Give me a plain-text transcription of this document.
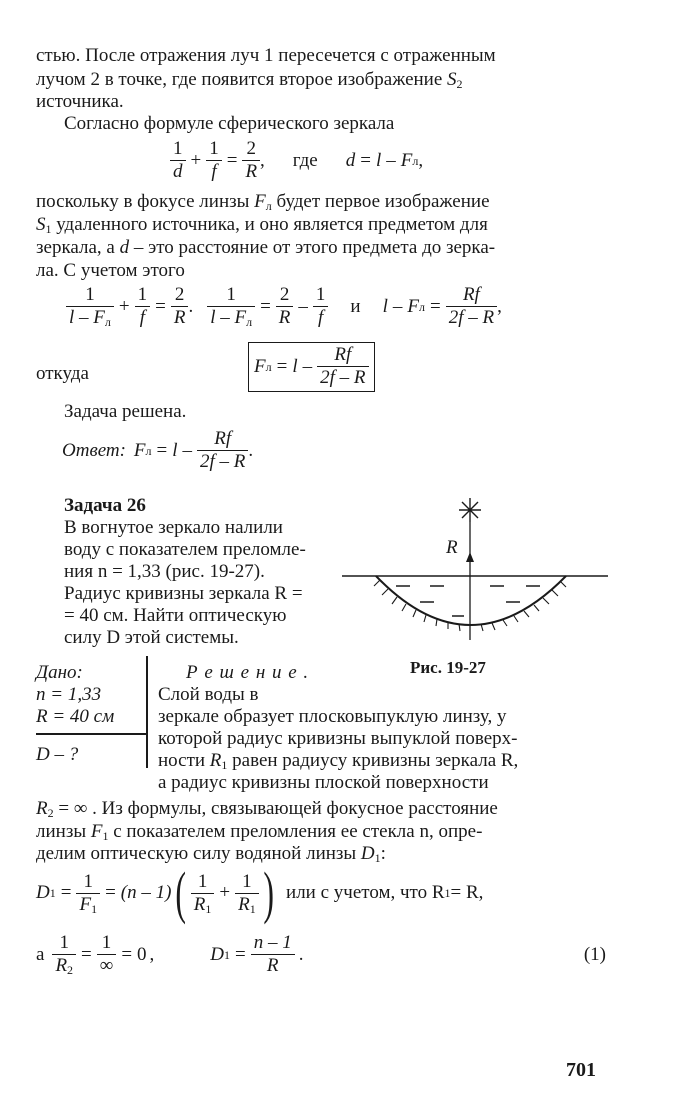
стью. После отражения луч 1 пересечется с отраженным
лучом 2 в точке, где появится второе изображение $S_2$
источника.
Согласно формуле сферического зеркала
$\frac{1}{d} + \frac{1}{f} = \frac{2}{R}$ ,	где	d = l – F л ,
поскольку в фокусе линзы $F_л$ будет первое изображение
$S_1$ удаленного источника, и оно является предметом для
зеркала, а d – это расстояние от этого предмета до зерка-
ла. С учетом этого
$\frac{1}{l - F_л} + \frac{1}{f} = \frac{2}{R}$ . $\frac{1}{l - F_л} = \frac{2}{R} - \frac{1}{f}$	и	l – F $л = \frac{Rf}{2f - R}$ ,
откуда	F $л = l - \frac{Rf}{2f - R}$
Задача решена.
Ответ: F $л = l - \frac{Rf}{2f - R}$ .
Задача 26
В вогнутое зеркало налили
воду с показателем преломле-
ния n = 1,33 (рис. 19-27).
Радиус кривизны зеркала R =
= 40 см. Найти оптическую
силу D этой системы.
R
Рис. 19-27
Дано:
n = 1,33
R = 40 см
D – ?
Р е ш е н и е .
Слой воды в
зеркале образует плосковыпуклую линзу, у
которой радиус кривизны выпуклой поверх-
ности $R_1$ равен радиусу кривизны зеркала R,
а радиус кривизны плоской поверхности
$R_2$ = ∞ . Из формулы, связывающей фокусное расстояние
линзы $F_1$ с показателем преломления ее стекла n, опре-
делим оптическую силу водяной линзы $D_1$:
D $1 = \frac{1}{F_1} = (n - 1)$ ( $\frac{1}{R_1} + \frac{1}{R_1}$ ) или с учетом, что R 1 = R,
а $\frac{1}{R_2} = \frac{1}{\infty} = 0$ ,	D $1 = \frac{n - 1}{R}$ .	(1)
701
